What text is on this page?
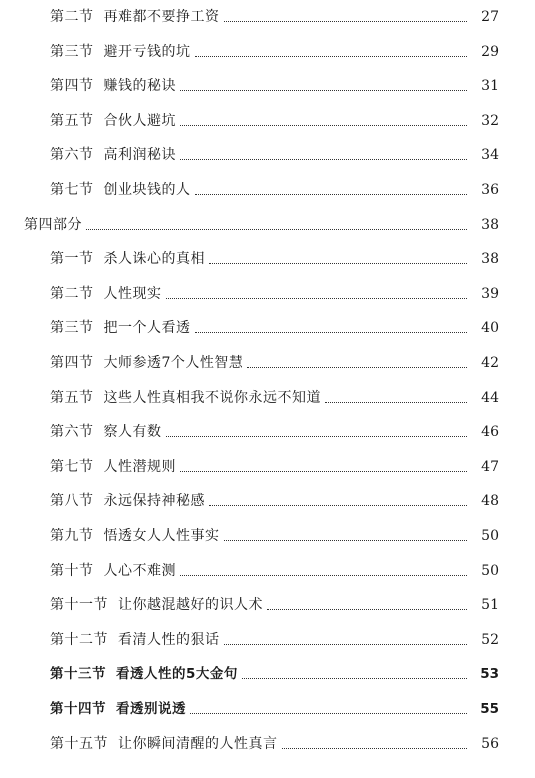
第二节 再难都不要挣工资	27
第三节 避开亏钱的坑	29
第四节 赚钱的秘诀	31
第五节 合伙人避坑	32
第六节 高利润秘诀	34
第七节 创业块钱的人	36
第四部分	38
第一节 杀人诛心的真相	38
第二节 人性现实	39
第三节 把一个人看透	40
第四节 大师参透7个人性智慧	42
第五节 这些人性真相我不说你永远不知道	44
第六节 察人有数	46
第七节 人性潜规则	47
第八节 永远保持神秘感	48
第九节 悟透女人人性事实	50
第十节 人心不难测	50
第十一节 让你越混越好的识人术	51
第十二节 看清人性的狠话	52
第十三节 看透人性的5大金句	53
第十四节 看透别说透	55
第十五节 让你瞬间清醒的人性真言	56
